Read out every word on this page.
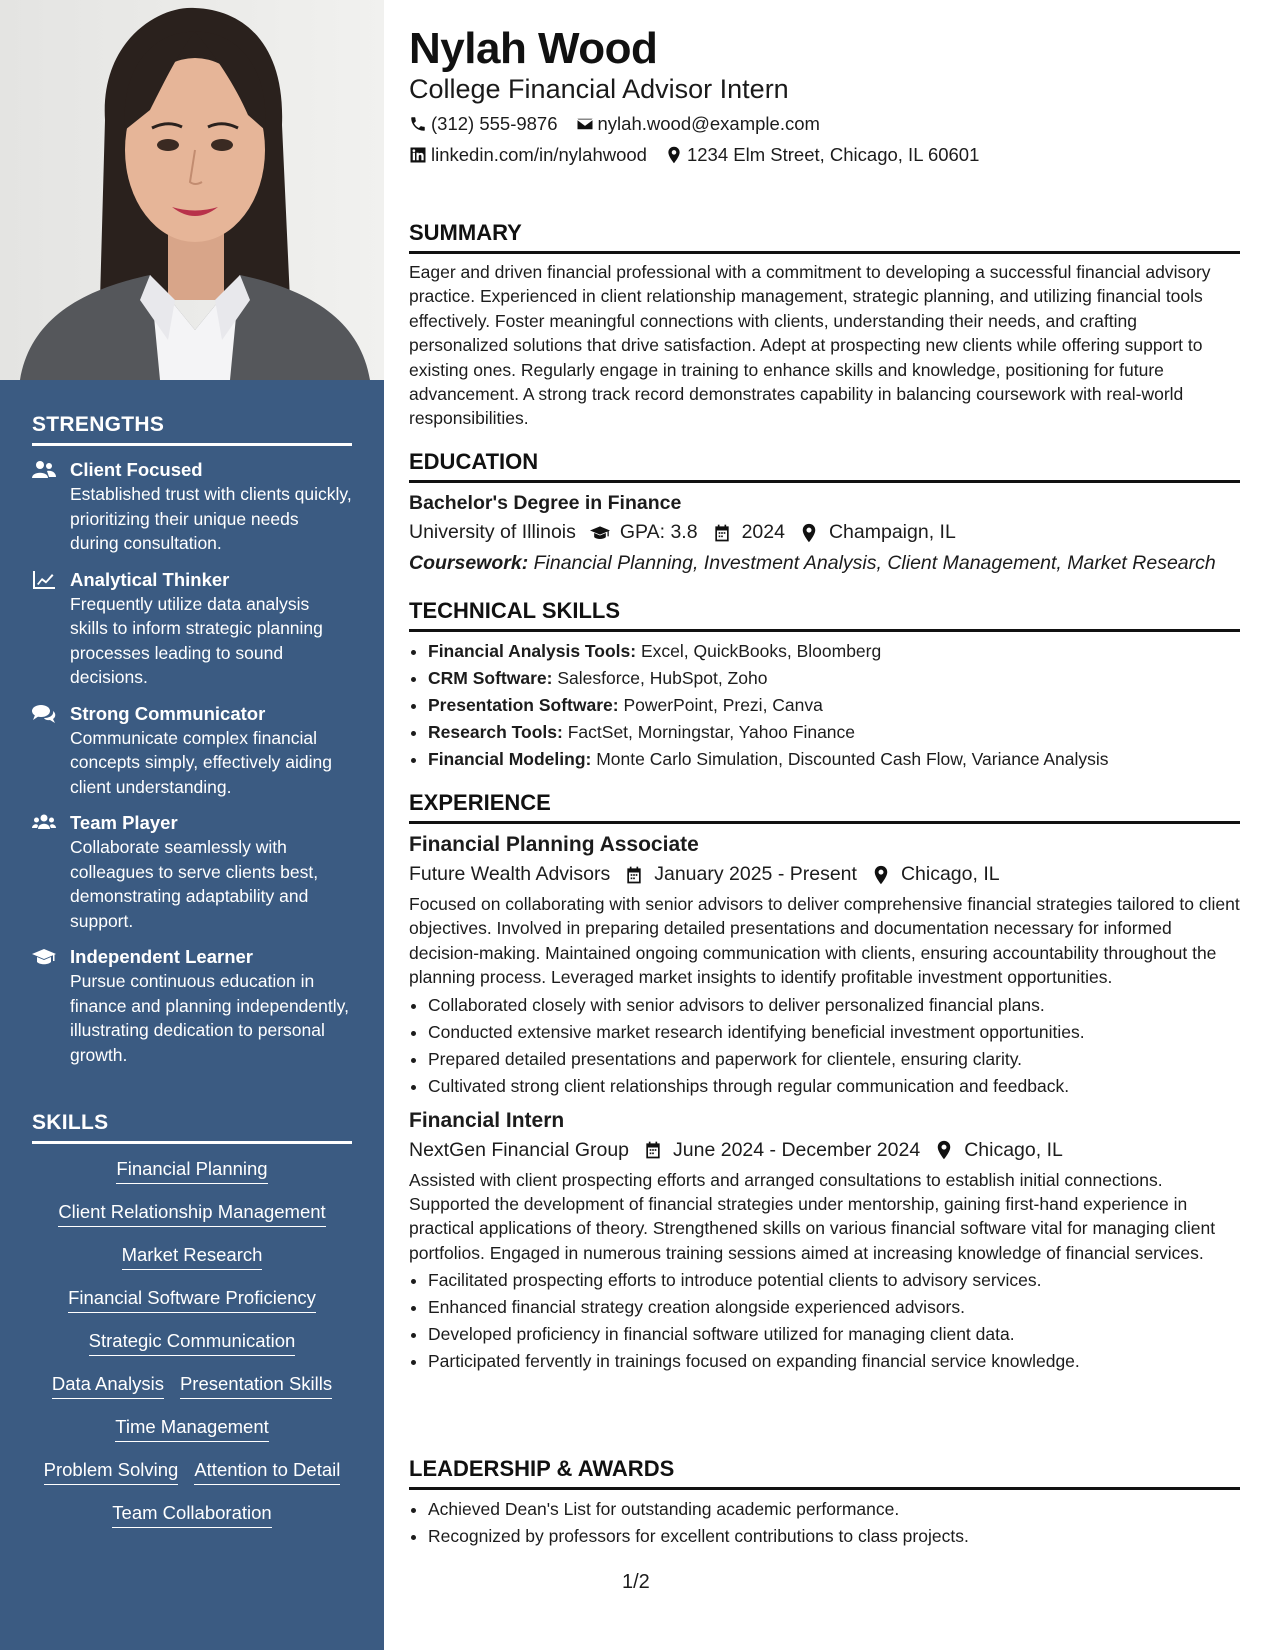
STRENGTHS
Client Focused
Established trust with clients quickly, prioritizing their unique needs during consultation.
Analytical Thinker
Frequently utilize data analysis skills to inform strategic planning processes leading to sound decisions.
Strong Communicator
Communicate complex financial concepts simply, effectively aiding client understanding.
Team Player
Collaborate seamlessly with colleagues to serve clients best, demonstrating adaptability and support.
Independent Learner
Pursue continuous education in finance and planning independently, illustrating dedication to personal growth.
SKILLS
Financial Planning
Client Relationship Management
Market Research
Financial Software Proficiency
Strategic Communication
Data Analysis Presentation Skills
Time Management
Problem Solving Attention to Detail
Team Collaboration
Nylah Wood
College Financial Advisor Intern
(312) 555-9876 nylah.wood@example.com
linkedin.com/in/nylahwood 1234 Elm Street, Chicago, IL 60601
SUMMARY

Eager and driven financial professional with a commitment to developing a successful financial advisory practice. Experienced in client relationship management, strategic planning, and utilizing financial tools effectively. Foster meaningful connections with clients, understanding their needs, and crafting personalized solutions that drive satisfaction. Adept at prospecting new clients while offering support to existing ones. Regularly engage in training to enhance skills and knowledge, positioning for future advancement. A strong track record demonstrates capability in balancing coursework with real-world responsibilities.

EDUCATION
Bachelor's Degree in Finance
University of Illinois GPA: 3.8 2024 Champaign, IL
Coursework: Financial Planning, Investment Analysis, Client Management, Market Research
TECHNICAL SKILLS
• Financial Analysis Tools: Excel, QuickBooks, Bloomberg
• CRM Software: Salesforce, HubSpot, Zoho
• Presentation Software: PowerPoint, Prezi, Canva
• Research Tools: FactSet, Morningstar, Yahoo Finance
• Financial Modeling: Monte Carlo Simulation, Discounted Cash Flow, Variance Analysis
EXPERIENCE
Financial Planning Associate
Future Wealth Advisors January 2025 - Present Chicago, IL

Focused on collaborating with senior advisors to deliver comprehensive financial strategies tailored to client objectives. Involved in preparing detailed presentations and documentation necessary for informed decision-making. Maintained ongoing communication with clients, ensuring accountability throughout the planning process. Leveraged market insights to identify profitable investment opportunities.

• Collaborated closely with senior advisors to deliver personalized financial plans.
• Conducted extensive market research identifying beneficial investment opportunities.
• Prepared detailed presentations and paperwork for clientele, ensuring clarity.
• Cultivated strong client relationships through regular communication and feedback.
Financial Intern
NextGen Financial Group June 2024 - December 2024 Chicago, IL

Assisted with client prospecting efforts and arranged consultations to establish initial connections. Supported the development of financial strategies under mentorship, gaining first-hand experience in practical applications of theory. Strengthened skills on various financial software vital for managing client portfolios. Engaged in numerous training sessions aimed at increasing knowledge of financial services.

• Facilitated prospecting efforts to introduce potential clients to advisory services.
• Enhanced financial strategy creation alongside experienced advisors.
• Developed proficiency in financial software utilized for managing client data.
• Participated fervently in trainings focused on expanding financial service knowledge.
LEADERSHIP & AWARDS
• Achieved Dean's List for outstanding academic performance.
• Recognized by professors for excellent contributions to class projects.
1/2
